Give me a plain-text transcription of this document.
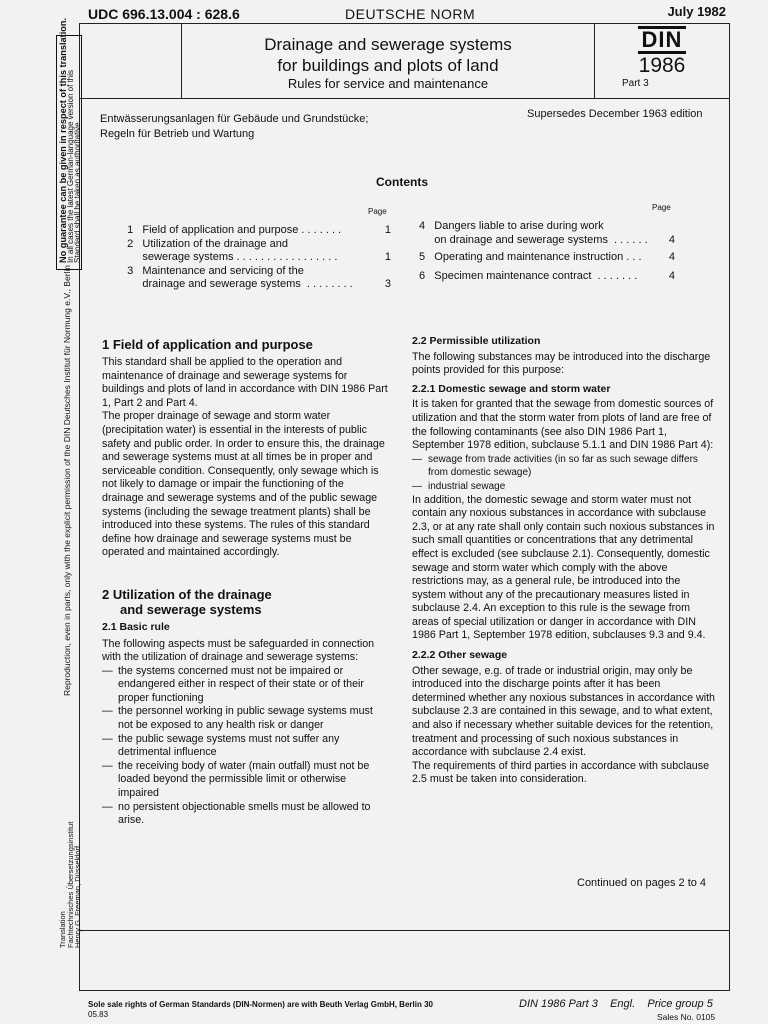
UDC 696.13.004 : 628.6	DEUTSCHE NORM	July 1982
Drainage and sewerage systems
for buildings and plots of land
Rules for service and maintenance
DIN
1986
Part 3
No guarantee can be given in respect of this translation.
In all cases the latest German-language version of this
Standard shall be taken as authoritative
Reproduction, even in parts, only with the explicit permission of the DIN Deutsches Institut für Normung e.V., Berlin
Translation Fachtechnisches Übersetzungsinstitut
Henry G. Freeman, Düsseldorf
Entwässerungsanlagen für Gebäude und Grundstücke;
Regeln für Betrieb und Wartung
Supersedes December 1963 edition
Contents
Page	Page
1   Field of application and purpose . . . . . . .	1
2   Utilization of the drainage and
sewerage systems . . . . . . . . . . . . . . . . .	1
3   Maintenance and servicing of the
drainage and sewerage systems  . . . . . . . .	3
4   Dangers liable to arise during work
on drainage and sewerage systems  . . . . . . 4
5   Operating and maintenance instruction . . . 4
6   Specimen maintenance contract  . . . . . . .	4
1 Field of application and purpose

This standard shall be applied to the operation and maintenance of drainage and sewerage systems for buildings and plots of land in accordance with DIN 1986 Part 1, Part 2 and Part 4.

The proper drainage of sewage and storm water (precipitation water) is essential in the interests of public safety and public order. In order to ensure this, the drainage and sewerage systems must at all times be in proper and serviceable condition. Consequently, only sewage which is not likely to damage or impair the functioning of the drainage and sewerage systems and of the public sewage systems (including the sewage treatment plants) shall be introduced into these systems. The rules of this standard define how drainage and sewerage systems must be operated and maintained accordingly.

2 Utilization of the drainage
and sewerage systems
2.1 Basic rule

The following aspects must be safeguarded in connection with the utilization of drainage and sewerage systems:

— the systems concerned must not be impaired or endangered either in respect of their state or of their proper functioning
— the personnel working in public sewage systems must not be exposed to any health risk or danger
— the public sewage systems must not suffer any detrimental influence
— the receiving body of water (main outfall) must not be loaded beyond the permissible limit or otherwise impaired
— no persistent objectionable smells must be allowed to arise.
2.2 Permissible utilization

The following substances may be introduced into the discharge points provided for this purpose:

2.2.1 Domestic sewage and storm water

It is taken for granted that the sewage from domestic sources of utilization and that the storm water from plots of land are free of the following contaminants (see also DIN 1986 Part 1, September 1978 edition, subclause 5.1.1 and DIN 1986 Part 4):

— sewage from trade activities (in so far as such sewage differs from domestic sewage)
— industrial sewage

In addition, the domestic sewage and storm water must not contain any noxious substances in accordance with subclause 2.3, or at any rate shall only contain such noxious substances in such small quantities or concentrations that any detrimental effect is excluded (see subclause 2.1). Consequently, domestic sewage and storm water which comply with the above restrictions may, as a general rule, be introduced into the system without any of the precautionary measures listed in subclause 2.4. An exception to this rule is the sewage from areas of special utilization or danger in accordance with DIN 1986 Part 1, September 1978 edition, subclauses 9.3 and 9.4.

2.2.2 Other sewage

Other sewage, e.g. of trade or industrial origin, may only be introduced into the discharge points after it has been determined whether any noxious substances in accordance with subclause 2.3 are contained in this sewage, and to what extent, and also if necessary whether suitable devices for the retention, treatment and processing of such noxious substances in accordance with subclause 2.4 exist.

The requirements of third parties in accordance with subclause 2.5 must be taken into consideration.

Continued on pages 2 to 4
Sole sale rights of German Standards (DIN-Normen) are with Beuth Verlag GmbH, Berlin 30
05.83
DIN 1986 Part 3    Engl.    Price group 5
Sales No. 0105
